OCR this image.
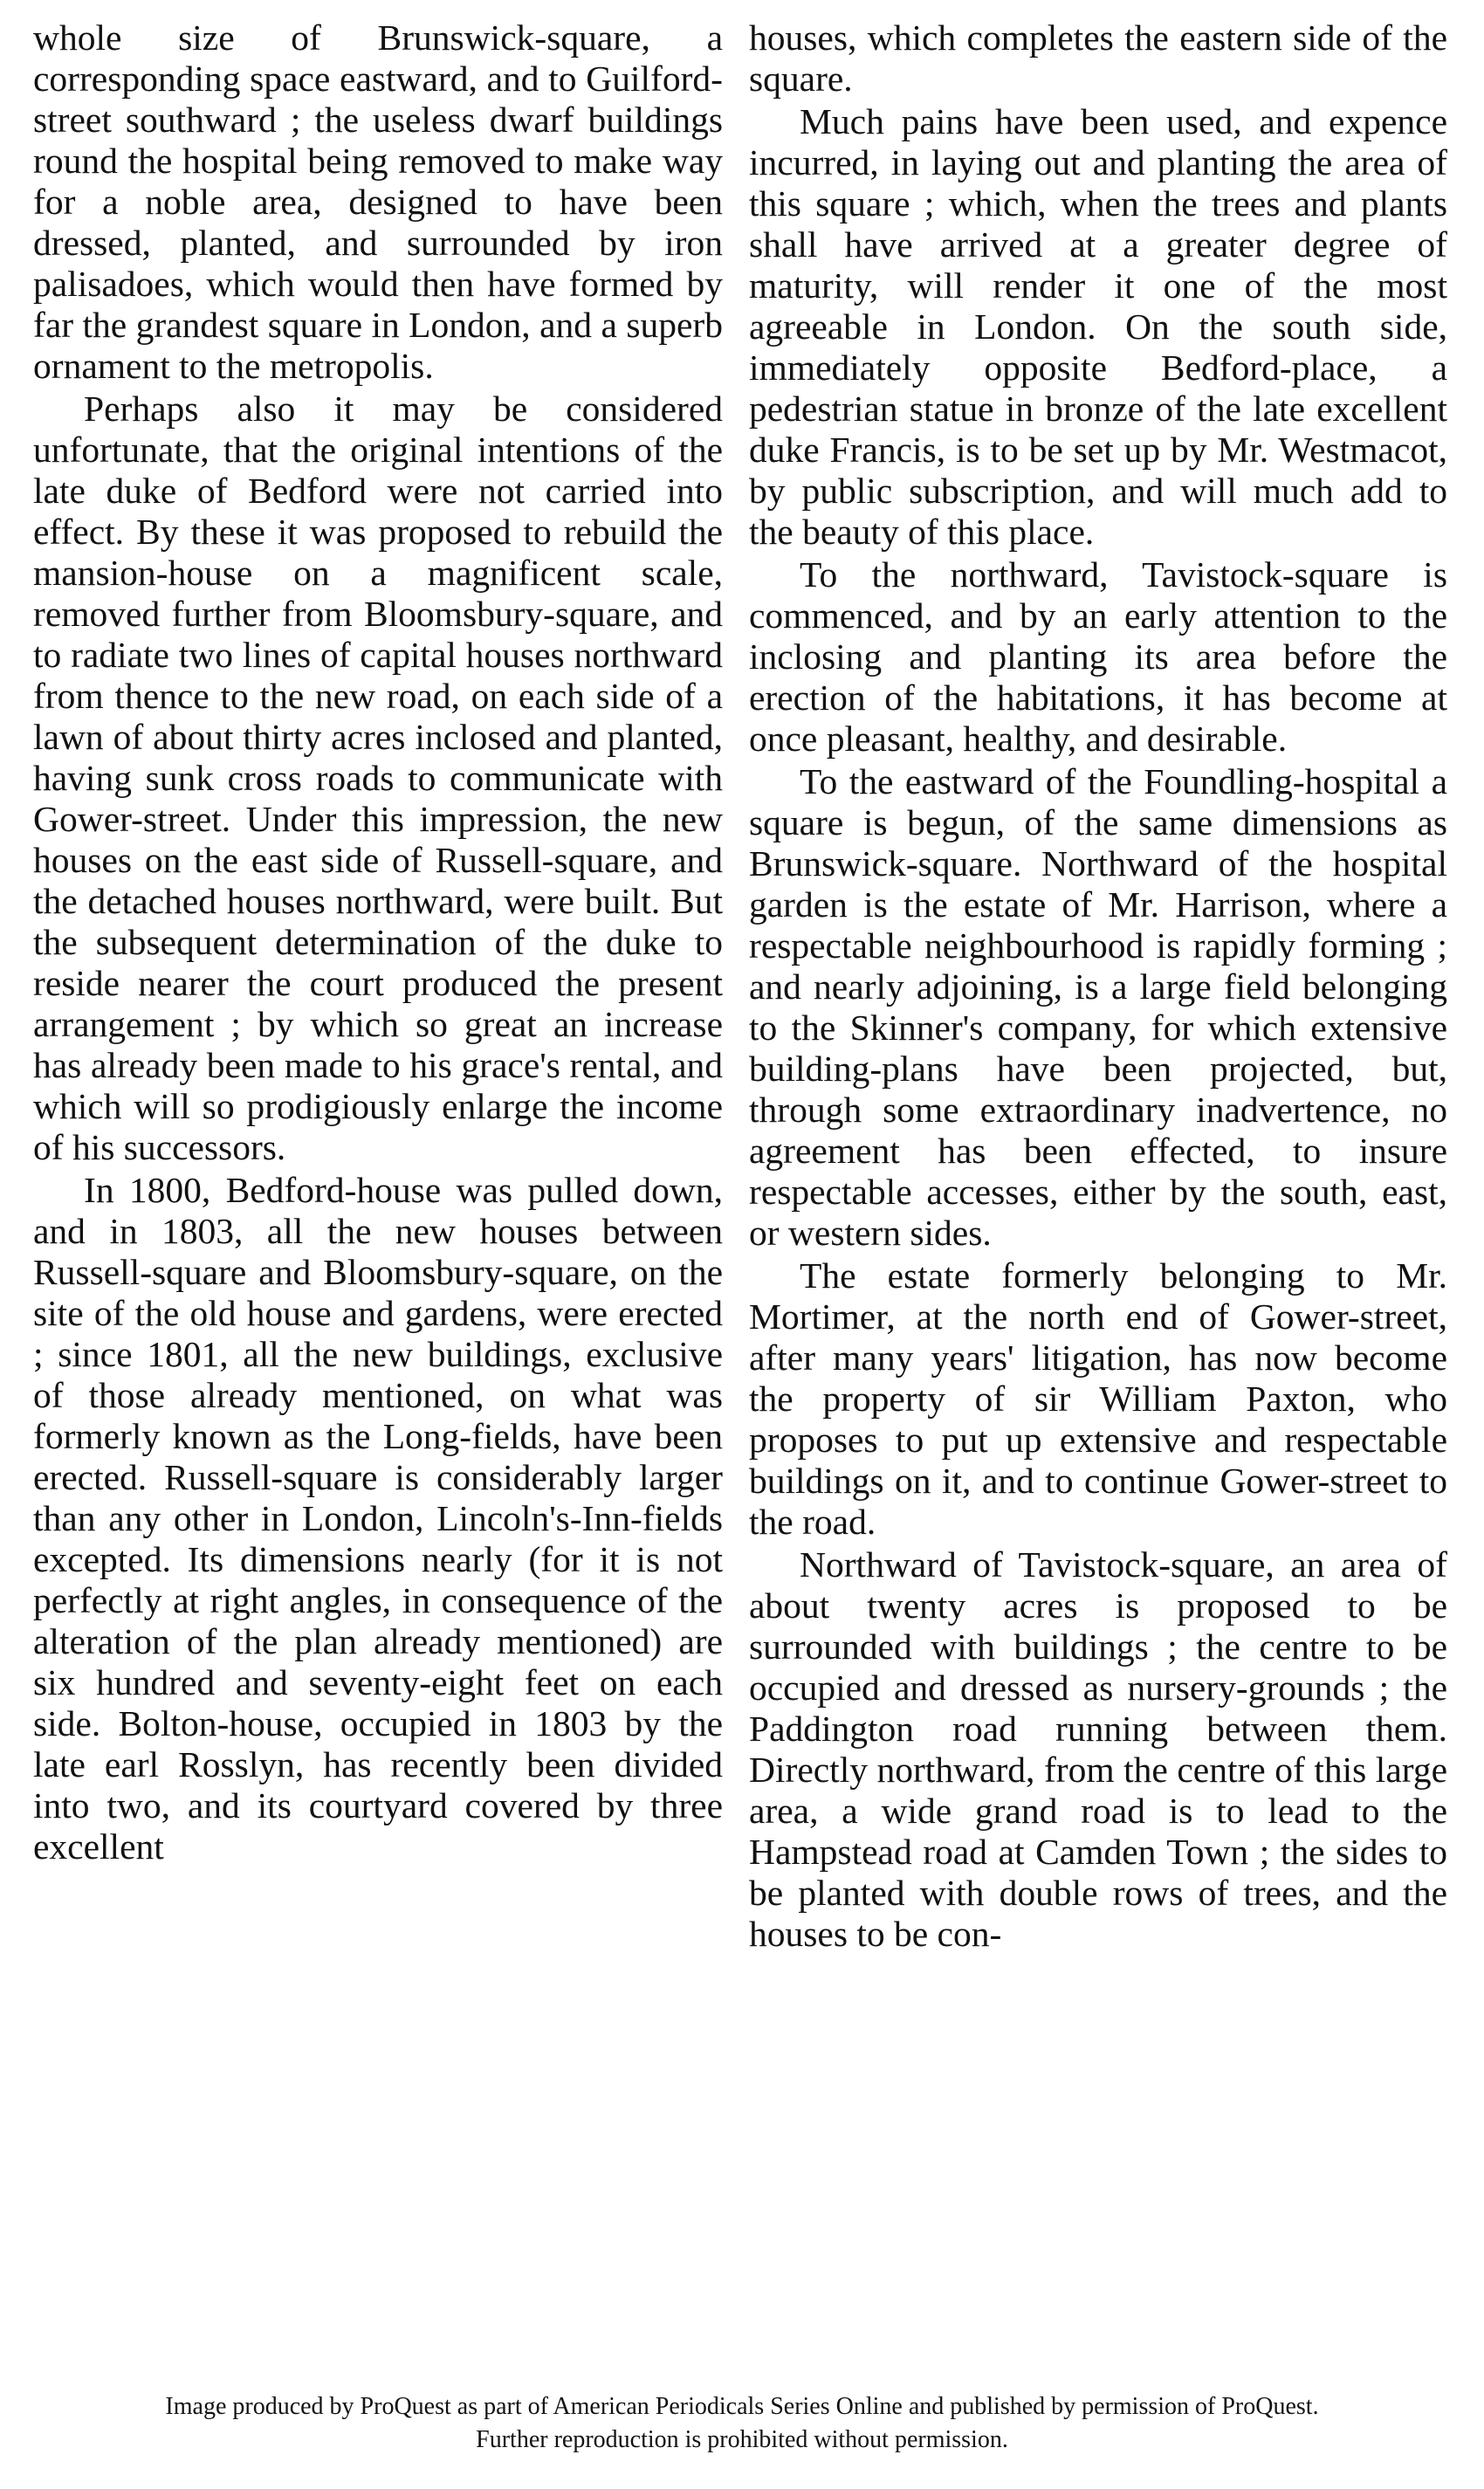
whole size of Brunswick-square, a corresponding space eastward, and to Guilford-street southward ; the useless dwarf buildings round the hospital being removed to make way for a noble area, designed to have been dressed, planted, and surrounded by iron palisadoes, which would then have formed by far the grandest square in London, and a superb ornament to the metropolis.

Perhaps also it may be considered unfortunate, that the original intentions of the late duke of Bedford were not carried into effect. By these it was proposed to rebuild the mansion-house on a magnificent scale, removed further from Bloomsbury-square, and to radiate two lines of capital houses northward from thence to the new road, on each side of a lawn of about thirty acres inclosed and planted, having sunk cross roads to communicate with Gower-street. Under this impression, the new houses on the east side of Russell-square, and the detached houses northward, were built. But the subsequent determination of the duke to reside nearer the court produced the present arrangement ; by which so great an increase has already been made to his grace's rental, and which will so prodigiously enlarge the income of his successors.

In 1800, Bedford-house was pulled down, and in 1803, all the new houses between Russell-square and Bloomsbury-square, on the site of the old house and gardens, were erected ; since 1801, all the new buildings, exclusive of those already mentioned, on what was formerly known as the Long-fields, have been erected. Russell-square is considerably larger than any other in London, Lincoln's-Inn-fields excepted. Its dimensions nearly (for it is not perfectly at right angles, in consequence of the alteration of the plan already mentioned) are six hundred and seventy-eight feet on each side. Bolton-house, occupied in 1803 by the late earl Rosslyn, has recently been divided into two, and its courtyard covered by three excellent

houses, which completes the eastern side of the square.

Much pains have been used, and expence incurred, in laying out and planting the area of this square ; which, when the trees and plants shall have arrived at a greater degree of maturity, will render it one of the most agreeable in London. On the south side, immediately opposite Bedford-place, a pedestrian statue in bronze of the late excellent duke Francis, is to be set up by Mr. Westmacot, by public subscription, and will much add to the beauty of this place.

To the northward, Tavistock-square is commenced, and by an early attention to the inclosing and planting its area before the erection of the habitations, it has become at once pleasant, healthy, and desirable.

To the eastward of the Foundling-hospital a square is begun, of the same dimensions as Brunswick-square. Northward of the hospital garden is the estate of Mr. Harrison, where a respectable neighbourhood is rapidly forming ; and nearly adjoining, is a large field belonging to the Skinner's company, for which extensive building-plans have been projected, but, through some extraordinary inadvertence, no agreement has been effected, to insure respectable accesses, either by the south, east, or western sides.

The estate formerly belonging to Mr. Mortimer, at the north end of Gower-street, after many years' litigation, has now become the property of sir William Paxton, who proposes to put up extensive and respectable buildings on it, and to continue Gower-street to the road.

Northward of Tavistock-square, an area of about twenty acres is proposed to be surrounded with buildings ; the centre to be occupied and dressed as nursery-grounds ; the Paddington road running between them. Directly northward, from the centre of this large area, a wide grand road is to lead to the Hampstead road at Camden Town ; the sides to be planted with double rows of trees, and the houses to be con-

Image produced by ProQuest as part of American Periodicals Series Online and published by permission of ProQuest.
Further reproduction is prohibited without permission.
